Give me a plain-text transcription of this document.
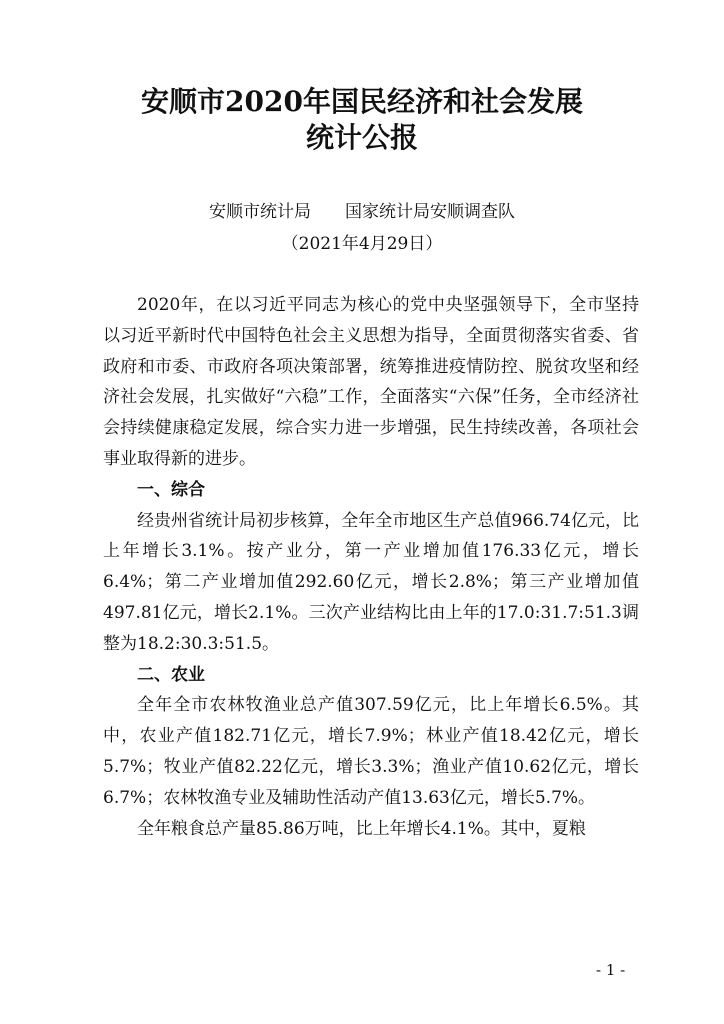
安顺市2020年国民经济和社会发展
统计公报
安顺市统计局 国家统计局安顺调查队
（2021年4月29日）

2020年，在以习近平同志为核心的党中央坚强领导下，全市坚持以习近平新时代中国特色社会主义思想为指导，全面贯彻落实省委、省政府和市委、市政府各项决策部署，统筹推进疫情防控、脱贫攻坚和经济社会发展，扎实做好“六稳”工作，全面落实“六保”任务，全市经济社会持续健康稳定发展，综合实力进一步增强，民生持续改善，各项社会事业取得新的进步。

一、综合

经贵州省统计局初步核算，全年全市地区生产总值966.74亿元，比上年增长3.1%。按产业分，第一产业增加值176.33亿元，增长6.4%；第二产业增加值292.60亿元，增长2.8%；第三产业增加值497.81亿元，增长2.1%。三次产业结构比由上年的17.0:31.7:51.3调整为18.2:30.3:51.5。

二、农业

全年全市农林牧渔业总产值307.59亿元，比上年增长6.5%。其中，农业产值182.71亿元，增长7.9%；林业产值18.42亿元，增长5.7%；牧业产值82.22亿元，增长3.3%；渔业产值10.62亿元，增长6.7%；农林牧渔专业及辅助性活动产值13.63亿元，增长5.7%。

全年粮食总产量85.86万吨，比上年增长4.1%。其中，夏粮

- 1 -
